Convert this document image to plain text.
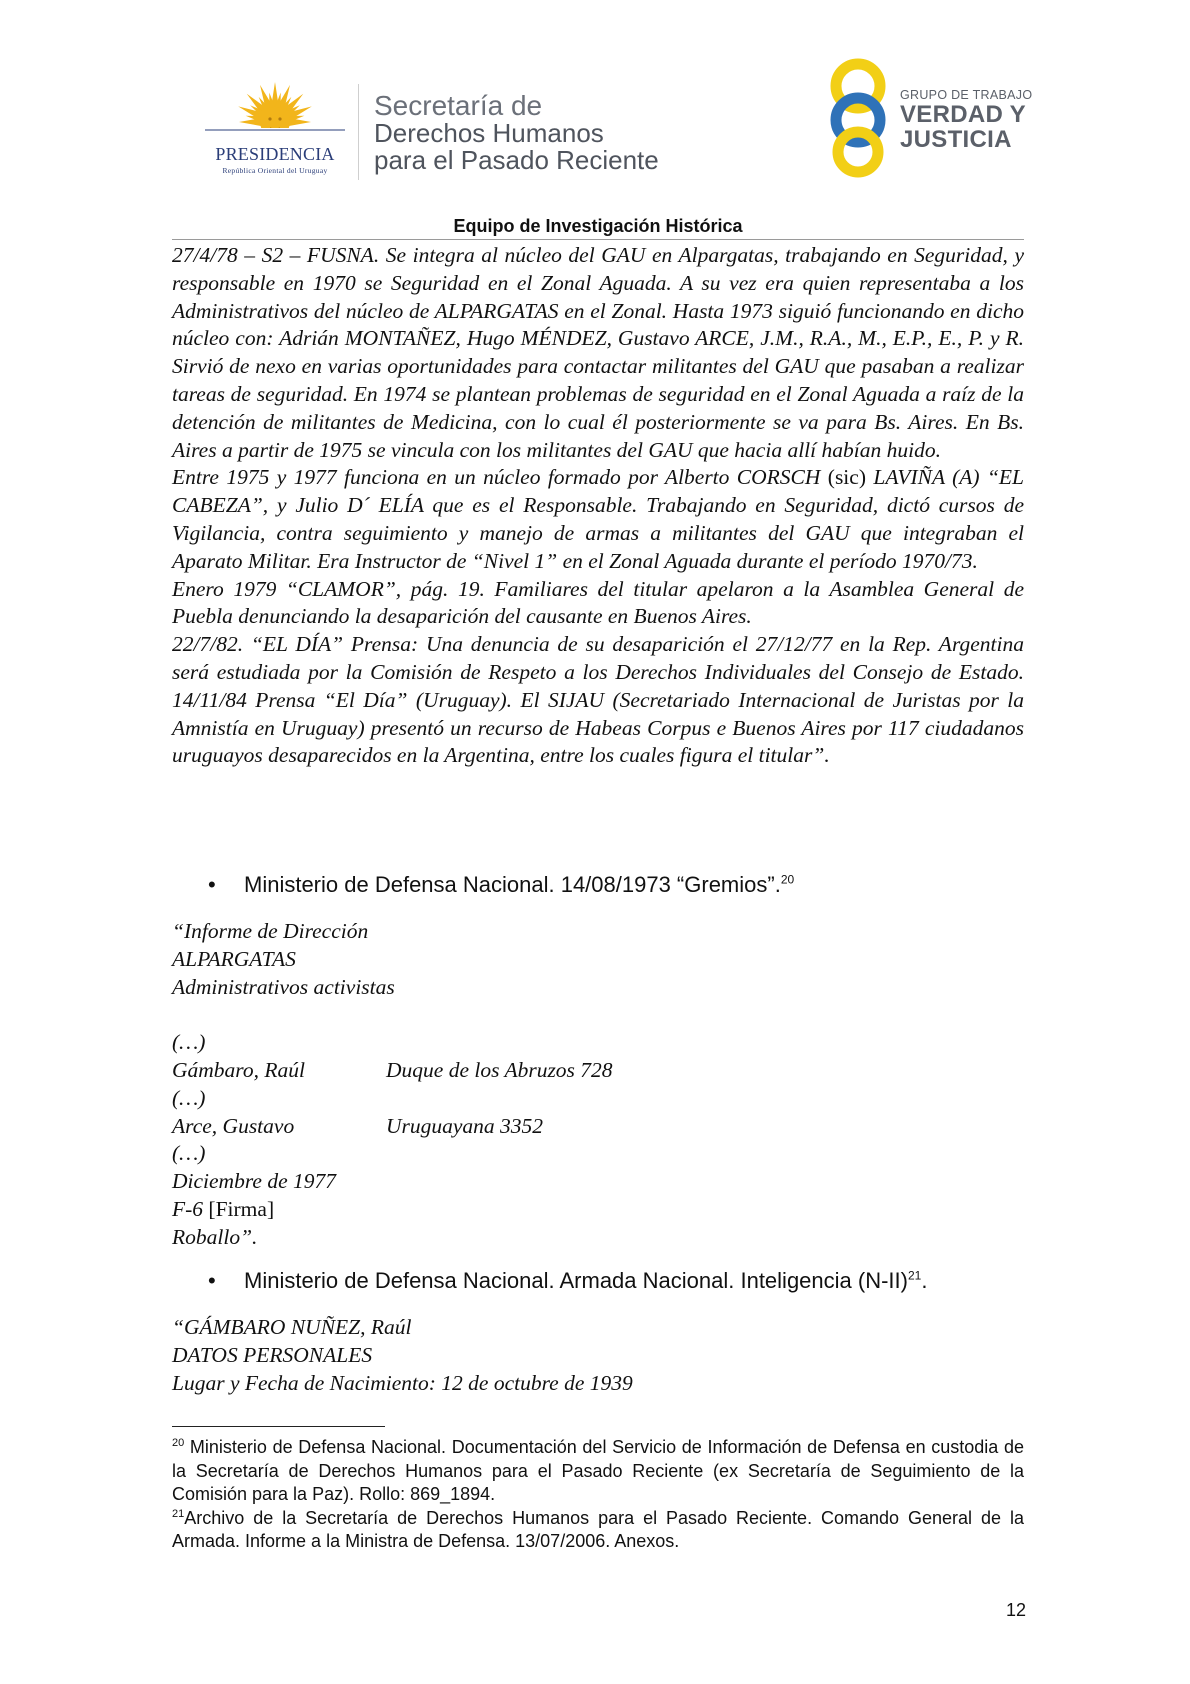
PRESIDENCIA
República Oriental del Uruguay
Secretaría de
Derechos Humanos
para el Pasado Reciente
GRUPO DE TRABAJO
VERDAD Y
JUSTICIA
Equipo de Investigación Histórica

27/4/78 – S2 – FUSNA. Se integra al núcleo del GAU en Alpargatas, trabajando en Seguridad, y responsable en 1970 se Seguridad en el Zonal Aguada. A su vez era quien representaba a los Administrativos del núcleo de ALPARGATAS en el Zonal. Hasta 1973 siguió funcionando en dicho núcleo con: Adrián MONTAÑEZ, Hugo MÉNDEZ, Gustavo ARCE, J.M., R.A., M., E.P., E., P. y R. Sirvió de nexo en varias oportunidades para contactar militantes del GAU que pasaban a realizar tareas de seguridad. En 1974 se plantean problemas de seguridad en el Zonal Aguada a raíz de la detención de militantes de Medicina, con lo cual él posteriormente se va para Bs. Aires. En Bs. Aires a partir de 1975 se vincula con los militantes del GAU que hacia allí habían huido.

Entre 1975 y 1977 funciona en un núcleo formado por Alberto CORSCH (sic) LAVIÑA (A) “EL CABEZA”, y Julio D´ ELÍA que es el Responsable. Trabajando en Seguridad, dictó cursos de Vigilancia, contra seguimiento y manejo de armas a militantes del GAU que integraban el Aparato Militar. Era Instructor de “Nivel 1” en el Zonal Aguada durante el período 1970/73.

Enero 1979 “CLAMOR”, pág. 19. Familiares del titular apelaron a la Asamblea General de Puebla denunciando la desaparición del causante en Buenos Aires.

22/7/82. “EL DÍA” Prensa: Una denuncia de su desaparición el 27/12/77 en la Rep. Argentina será estudiada por la Comisión de Respeto a los Derechos Individuales del Consejo de Estado. 14/11/84 Prensa “El Día” (Uruguay). El SIJAU (Secretariado Internacional de Juristas por la Amnistía en Uruguay) presentó un recurso de Habeas Corpus e Buenos Aires por 117 ciudadanos uruguayos desaparecidos en la Argentina, entre los cuales figura el titular”.

• Ministerio de Defensa Nacional. 14/08/1973 “Gremios”.$^{20}$
“Informe de Dirección
ALPARGATAS
Administrativos activistas
(…)
Gámbaro, Raúl	Duque de los Abruzos 728
(…)
Arce, Gustavo	Uruguayana 3352
(…)
Diciembre de 1977
F-6 [Firma]
Roballo”.
• Ministerio de Defensa Nacional. Armada Nacional. Inteligencia $(N-II)^{21}$.
“GÁMBARO NUÑEZ, Raúl
DATOS PERSONALES
Lugar y Fecha de Nacimiento: 12 de octubre de 1939

$^{20}$ Ministerio de Defensa Nacional. Documentación del Servicio de Información de Defensa en custodia de la Secretaría de Derechos Humanos para el Pasado Reciente (ex Secretaría de Seguimiento de la Comisión para la Paz). Rollo: 869_1894.

$^{21}$Archivo de la Secretaría de Derechos Humanos para el Pasado Reciente. Comando General de la Armada. Informe a la Ministra de Defensa. 13/07/2006. Anexos.

12
